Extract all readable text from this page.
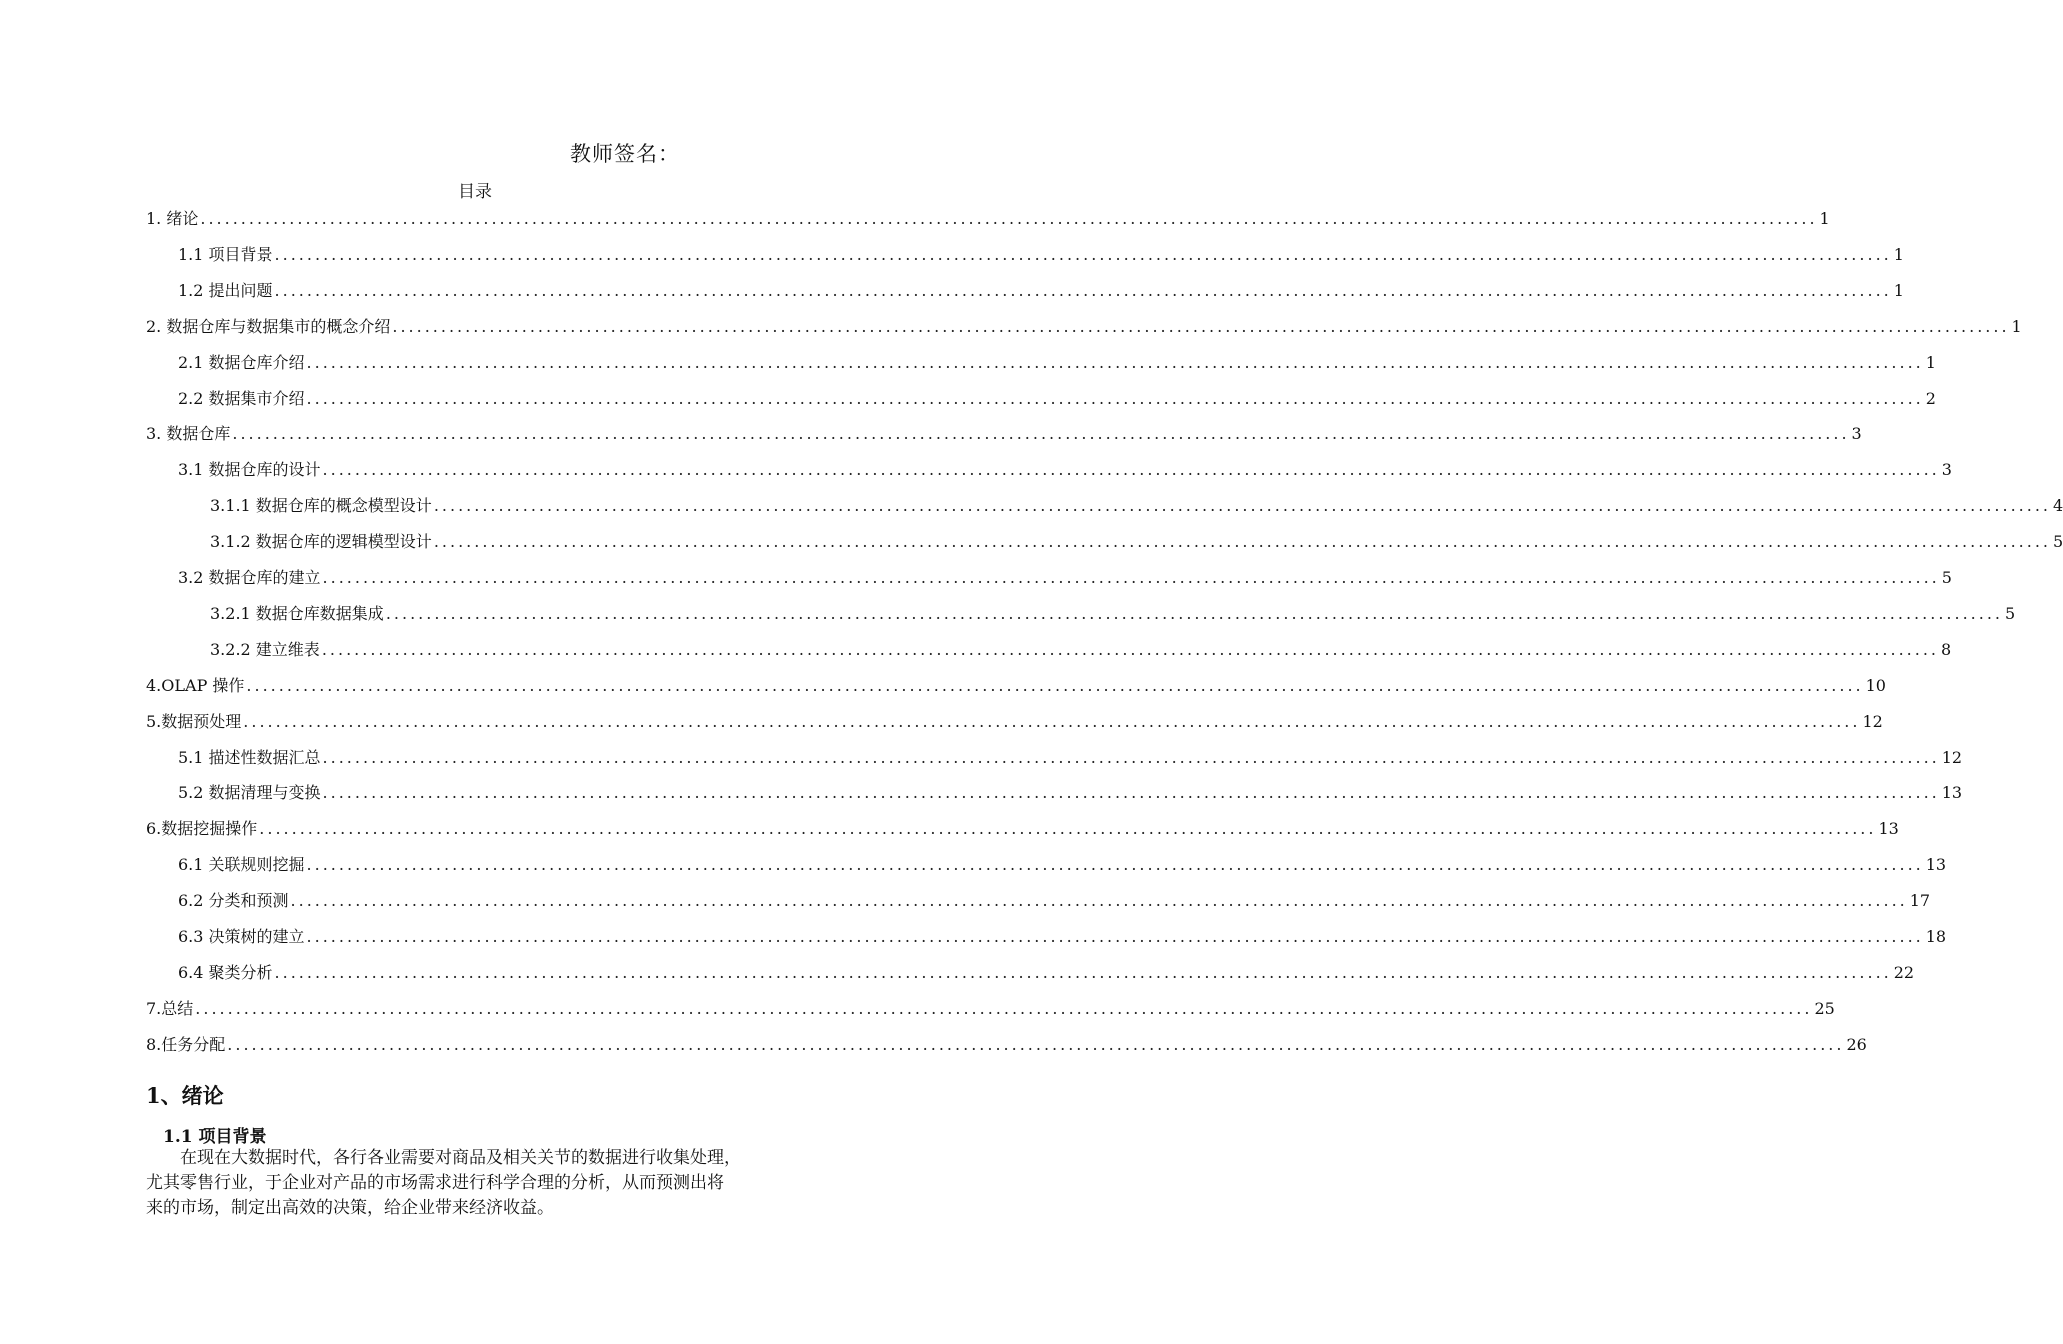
教师签名：
目录
1. 绪论 ........................................................................................................................................................................................................ 1
1.1 项目背景 ........................................................................................................................................................................................................ 1
1.2 提出问题 ........................................................................................................................................................................................................ 1
2. 数据仓库与数据集市的概念介绍 ........................................................................................................................................................................................................ 1
2.1 数据仓库介绍 ........................................................................................................................................................................................................ 1
2.2 数据集市介绍 ........................................................................................................................................................................................................ 2
3. 数据仓库 ........................................................................................................................................................................................................ 3
3.1 数据仓库的设计 ........................................................................................................................................................................................................ 3
3.1.1 数据仓库的概念模型设计 ........................................................................................................................................................................................................ 4
3.1.2 数据仓库的逻辑模型设计 ........................................................................................................................................................................................................ 5
3.2 数据仓库的建立 ........................................................................................................................................................................................................ 5
3.2.1 数据仓库数据集成 ........................................................................................................................................................................................................ 5
3.2.2 建立维表 ........................................................................................................................................................................................................ 8
4.OLAP 操作 ........................................................................................................................................................................................................ 10
5.数据预处理 ........................................................................................................................................................................................................ 12
5.1 描述性数据汇总 ........................................................................................................................................................................................................ 12
5.2 数据清理与变换 ........................................................................................................................................................................................................ 13
6.数据挖掘操作 ........................................................................................................................................................................................................ 13
6.1 关联规则挖掘 ........................................................................................................................................................................................................ 13
6.2 分类和预测 ........................................................................................................................................................................................................ 17
6.3 决策树的建立 ........................................................................................................................................................................................................ 18
6.4 聚类分析 ........................................................................................................................................................................................................ 22
7.总结 ........................................................................................................................................................................................................ 25
8.任务分配 ........................................................................................................................................................................................................ 26
1、绪论
1.1 项目背景

在现在大数据时代，各行各业需要对商品及相关关节的数据进行收集处理，
尤其零售行业，于企业对产品的市场需求进行科学合理的分析，从而预测出将
来的市场，制定出高效的决策，给企业带来经济收益。
